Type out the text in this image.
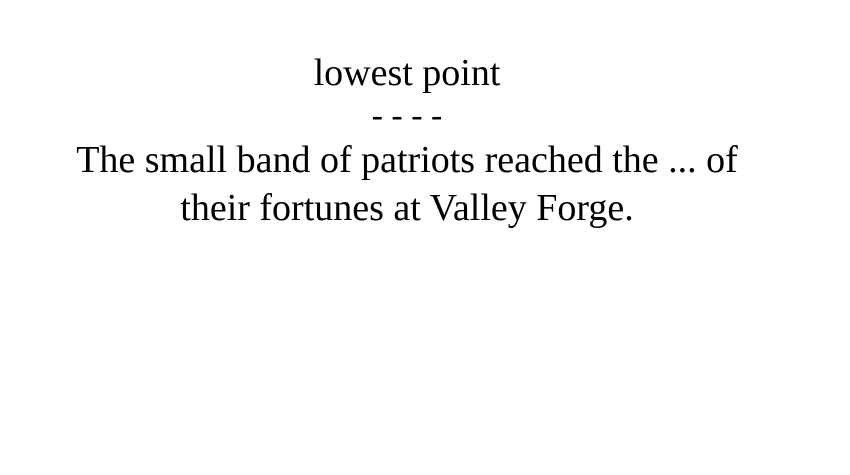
lowest point

- - - -

The small band of patriots reached the ... of their fortunes at Valley Forge.
